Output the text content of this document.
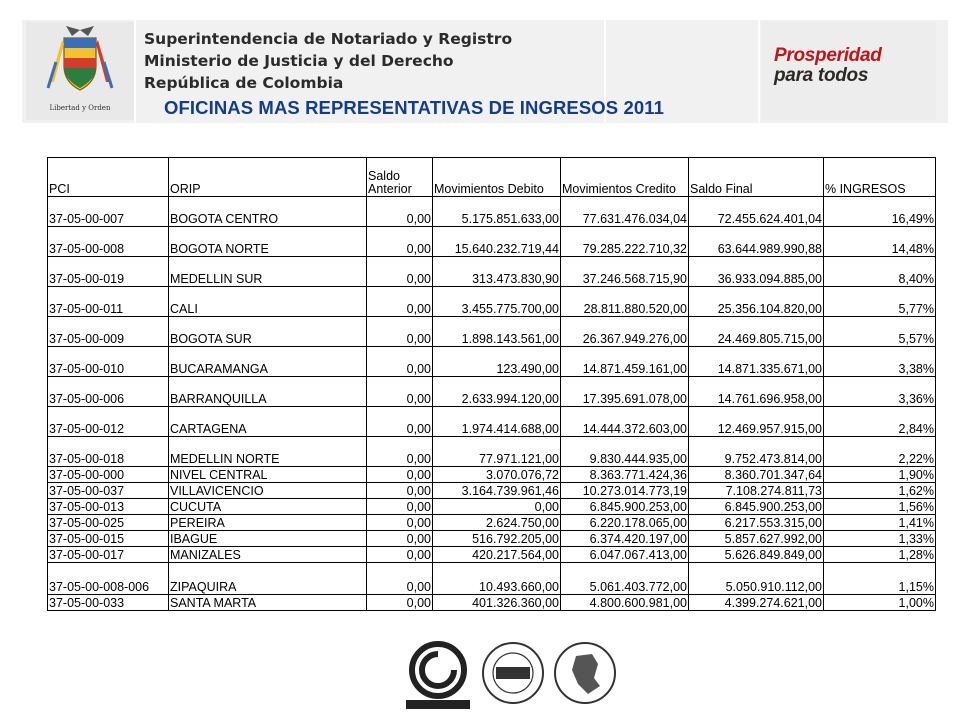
Libertad y Orden
Superintendencia de Notariado y Registro
Ministerio de Justicia y del Derecho
República de Colombia
Prosperidad
para todos
OFICINAS MAS REPRESENTATIVAS DE INGRESOS 2011
PCI	ORIP	Saldo Anterior	Movimientos Debito	Movimientos Credito	Saldo Final	% INGRESOS
37-05-00-007	BOGOTA CENTRO	0,00	5.175.851.633,00	77.631.476.034,04	72.455.624.401,04	16,49%
37-05-00-008	BOGOTA NORTE	0,00	15.640.232.719,44	79.285.222.710,32	63.644.989.990,88	14,48%
37-05-00-019	MEDELLIN SUR	0,00	313.473.830,90	37.246.568.715,90	36.933.094.885,00	8,40%
37-05-00-011	CALI	0,00	3.455.775.700,00	28.811.880.520,00	25.356.104.820,00	5,77%
37-05-00-009	BOGOTA SUR	0,00	1.898.143.561,00	26.367.949.276,00	24.469.805.715,00	5,57%
37-05-00-010	BUCARAMANGA	0,00	123.490,00	14.871.459.161,00	14.871.335.671,00	3,38%
37-05-00-006	BARRANQUILLA	0,00	2.633.994.120,00	17.395.691.078,00	14.761.696.958,00	3,36%
37-05-00-012	CARTAGENA	0,00	1.974.414.688,00	14.444.372.603,00	12.469.957.915,00	2,84%
37-05-00-018	MEDELLIN NORTE	0,00	77.971.121,00	9.830.444.935,00	9.752.473.814,00	2,22%
37-05-00-000	NIVEL CENTRAL	0,00	3.070.076,72	8.363.771.424,36	8.360.701.347,64	1,90%
37-05-00-037	VILLAVICENCIO	0,00	3.164.739.961,46	10.273.014.773,19	7.108.274.811,73	1,62%
37-05-00-013	CUCUTA	0,00	0,00	6.845.900.253,00	6.845.900.253,00	1,56%
37-05-00-025	PEREIRA	0,00	2.624.750,00	6.220.178.065,00	6.217.553.315,00	1,41%
37-05-00-015	IBAGUE	0,00	516.792.205,00	6.374.420.197,00	5.857.627.992,00	1,33%
37-05-00-017	MANIZALES	0,00	420.217.564,00	6.047.067.413,00	5.626.849.849,00	1,28%
37-05-00-008-006	ZIPAQUIRA	0,00	10.493.660,00	5.061.403.772,00	5.050.910.112,00	1,15%
37-05-00-033	SANTA MARTA	0,00	401.326.360,00	4.800.600.981,00	4.399.274.621,00	1,00%
